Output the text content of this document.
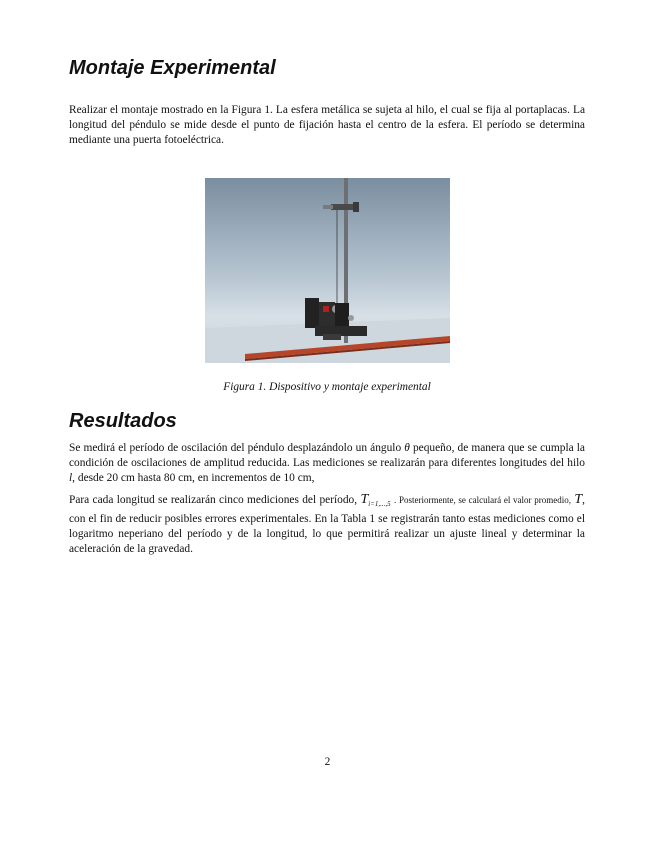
Montaje Experimental

Realizar el montaje mostrado en la Figura 1. La esfera metálica se sujeta al hilo, el cual se fija al portaplacas. La longitud del péndulo se mide desde el punto de fijación hasta el centro de la esfera. El período se determina mediante una puerta fotoeléctrica.

Figura 1. Dispositivo y montaje experimental
Resultados

Se medirá el período de oscilación del péndulo desplazándolo un ángulo θ pequeño, de manera que se cumpla la condición de oscilaciones de amplitud reducida. Las mediciones se realizarán para diferentes longitudes del hilo l, desde 20 cm hasta 80 cm, en incrementos de 10 cm,

Para cada longitud se realizarán cinco mediciones del período, $T_{i=1,...,5}$ . Posteriormente, se calculará el valor promedio, T, con el fin de reducir posibles errores experimentales. En la Tabla 1 se registrarán tanto estas mediciones como el logaritmo neperiano del período y de la longitud, lo que permitirá realizar un ajuste lineal y determinar la aceleración de la gravedad.

2
